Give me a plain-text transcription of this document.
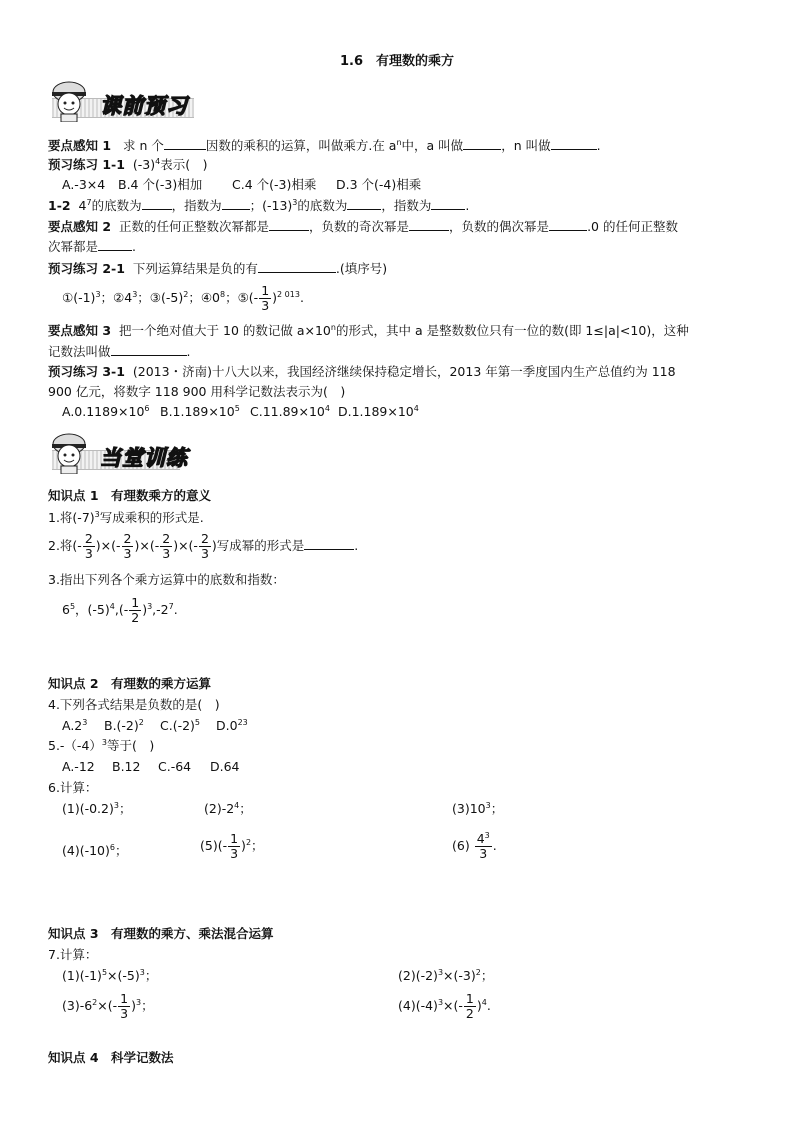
1.6　有理数的乘方
课前预习
要点感知 1 求 n 个	因数的乘积的运算，叫做乘方.在 $a^n$中，a 叫做	，n 叫做	.
预习练习 1-1 $(-3)^4$表示(　)
A.-3×4 B.4 个(-3)相加 C.4 个(-3)相乘 D.3 个(-4)相乘
1-2 $4^7$的底数为 ，指数为 ；$(-13)^3$的底数为	，指数为	.
要点感知 2 正数的任何正整数次幂都是	，负数的奇次幂是	，负数的偶次幂是	.0 的任何正整数
次幂都是	.
预习练习 2-1 下列运算结果是负的有	.(填序号)
$①(-1)^3$；$②4^3$；$③(-5)^2$；$④0^8$；⑤(- $\frac{1}{3} )^{2 013}$.
要点感知 3 把一个绝对值大于 10 的数记做 $a\times 10^n$的形式，其中 a 是整数数位只有一位的数(即 1≤|a|<10)，这种
记数法叫做	.
预习练习 3-1 (2013・济南)十八大以来，我国经济继续保持稳定增长，2013 年第一季度国内生产总值约为 118
900 亿元，将数字 118 900 用科学记数法表示为(　)
$A.0.1189\times 10^6$ $B.1.189\times 10^5$ $C.11.89\times 10^4$ $D.1.189\times 10^4$
当堂训练
知识点 1　有理数乘方的意义
1.将$(-7)^3$写成乘积的形式是.
2.将(- $\frac{2}{3}$ )×(- $\frac{2}{3}$ )×(- $\frac{2}{3}$ )×(- $\frac{2}{3}$ )写成幂的形式是	.
3.指出下列各个乘方运算中的底数和指数：
$6^5$，$(-5)^4,(- \frac{1}{2} )^3,-2^7$.
知识点 2　有理数的乘方运算
4.下列各式结果是负数的是(　)
$A.2^3$ $B.(-2)^2$ $C.(-2)^5$ $D.0^{23}$
$5.-(-4)^3$等于(　)
A.-12 B.12 C.-64 D.64
6.计算：
$(1)(-0.2)^3$；	$(2)-2^4$；	$(3)10^3$；
$(4)(-10)^6$；	$(5)(- \frac{1}{3} )^2$；	$(6) \frac{4^3}{3}$ .
知识点 3　有理数的乘方、乘法混合运算
7.计算：
$(1)(-1)^5\times(-5)^3$；	$(2)(-2)^3\times(-3)^2$；
$(3)-6^2\times(- \frac{1}{3} )^3$；	$(4)(-4)^3\times(- \frac{1}{2} )^4$.
知识点 4　科学记数法
